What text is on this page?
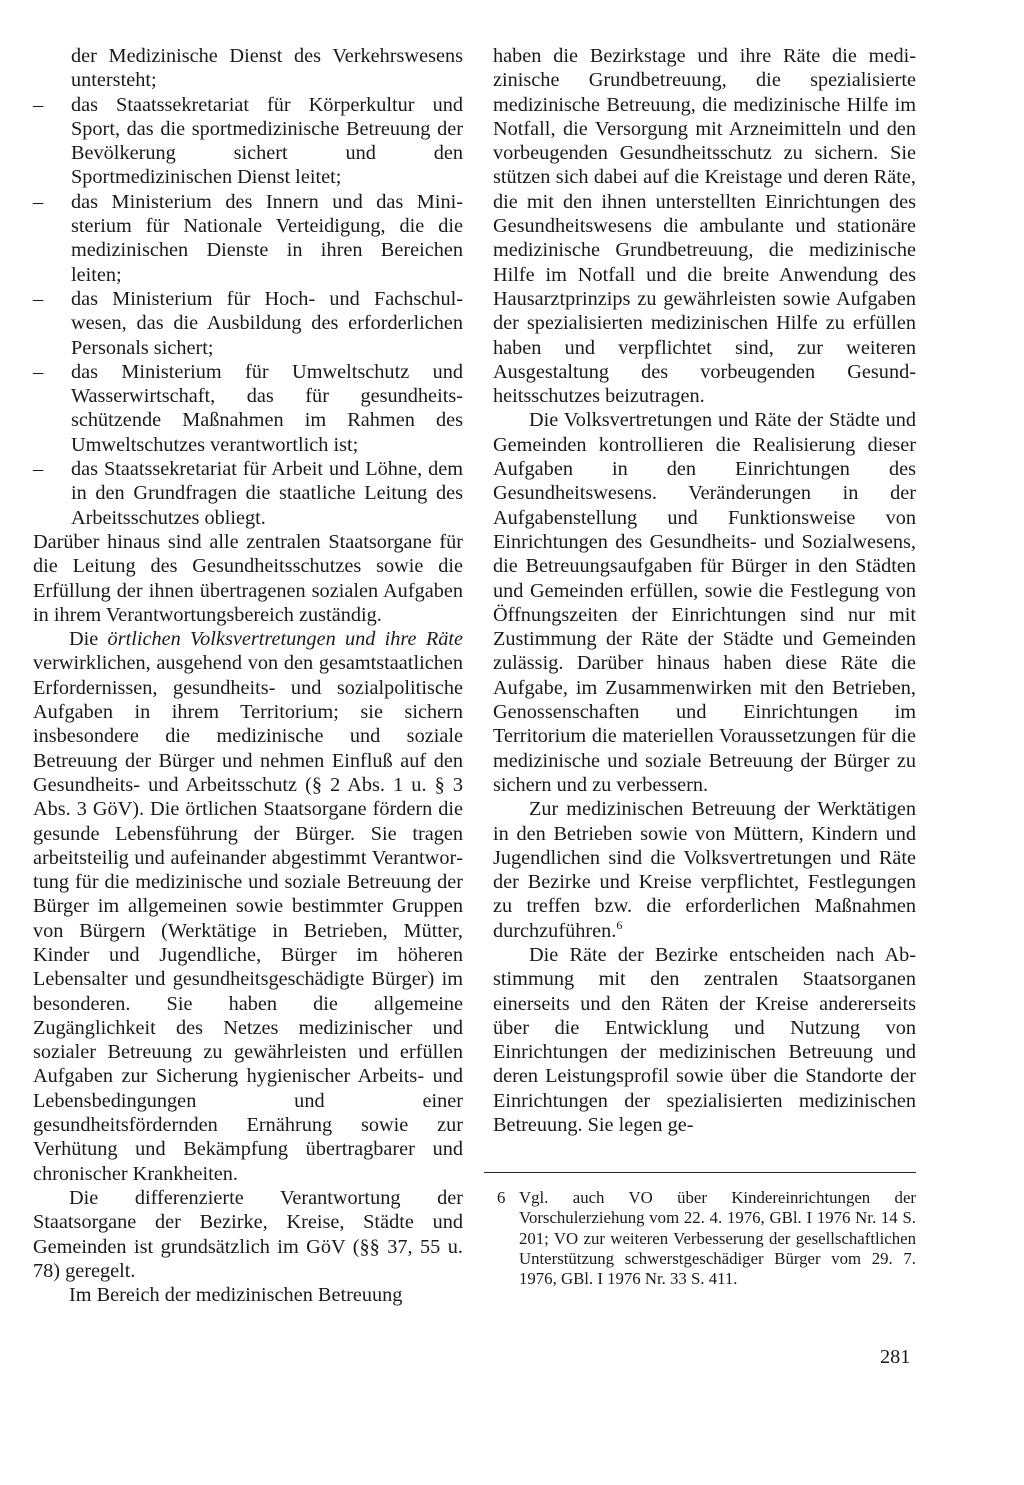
der Medizinische Dienst des Verkehrswesens untersteht;
– das Staatssekretariat für Körperkultur und Sport, das die sportmedizinische Betreuung der Bevölkerung sichert und den Sportmedizinischen Dienst leitet;
– das Ministerium des Innern und das Ministerium für Nationale Verteidigung, die die medizinischen Dienste in ihren Bereichen leiten;
– das Ministerium für Hoch- und Fachschulwesen, das die Ausbildung des erforderlichen Personals sichert;
– das Ministerium für Umweltschutz und Wasserwirtschaft, das für gesundheitsschützende Maßnahmen im Rahmen des Umweltschutzes verantwortlich ist;
– das Staatssekretariat für Arbeit und Löhne, dem in den Grundfragen die staatliche Leitung des Arbeitsschutzes obliegt.

Darüber hinaus sind alle zentralen Staatsorgane für die Leitung des Gesundheitsschutzes sowie die Erfüllung der ihnen übertragenen sozialen Aufgaben in ihrem Verantwortungsbereich zuständig.

Die örtlichen Volksvertretungen und ihre Räte verwirklichen, ausgehend von den gesamtstaatlichen Erfordernissen, gesundheits- und sozialpolitische Aufgaben in ihrem Territorium; sie sichern insbesondere die medizinische und soziale Betreuung der Bürger und nehmen Einfluß auf den Gesundheits- und Arbeitsschutz (§ 2 Abs. 1 u. § 3 Abs. 3 GöV). Die örtlichen Staatsorgane fördern die gesunde Lebensführung der Bürger. Sie tragen arbeitsteilig und aufeinander abgestimmt Verantwortung für die medizinische und soziale Betreuung der Bürger im allgemeinen sowie bestimmter Gruppen von Bürgern (Werktätige in Betrieben, Mütter, Kinder und Jugendliche, Bürger im höheren Lebensalter und gesundheitsgeschädigte Bürger) im besonderen. Sie haben die allgemeine Zugänglichkeit des Netzes medizinischer und sozialer Betreuung zu gewährleisten und erfüllen Aufgaben zur Sicherung hygienischer Arbeits- und Lebensbedingungen und einer gesundheitsfördernden Ernährung sowie zur Verhütung und Bekämpfung übertragbarer und chronischer Krankheiten.

Die differenzierte Verantwortung der Staatsorgane der Bezirke, Kreise, Städte und Gemeinden ist grundsätzlich im GöV (§§ 37, 55 u. 78) geregelt.

Im Bereich der medizinischen Betreuung

haben die Bezirkstage und ihre Räte die medizinische Grundbetreuung, die spezialisierte medizinische Betreuung, die medizinische Hilfe im Notfall, die Versorgung mit Arzneimitteln und den vorbeugenden Gesundheitsschutz zu sichern. Sie stützen sich dabei auf die Kreistage und deren Räte, die mit den ihnen unterstellten Einrichtungen des Gesundheitswesens die ambulante und stationäre medizinische Grundbetreuung, die medizinische Hilfe im Notfall und die breite Anwendung des Hausarztprinzips zu gewährleisten sowie Aufgaben der spezialisierten medizinischen Hilfe zu erfüllen haben und verpflichtet sind, zur weiteren Ausgestaltung des vorbeugenden Gesundheitsschutzes beizutragen.

Die Volksvertretungen und Räte der Städte und Gemeinden kontrollieren die Realisierung dieser Aufgaben in den Einrichtungen des Gesundheitswesens. Veränderungen in der Aufgabenstellung und Funktionsweise von Einrichtungen des Gesundheits- und Sozialwesens, die Betreuungsaufgaben für Bürger in den Städten und Gemeinden erfüllen, sowie die Festlegung von Öffnungszeiten der Einrichtungen sind nur mit Zustimmung der Räte der Städte und Gemeinden zulässig. Darüber hinaus haben diese Räte die Aufgabe, im Zusammenwirken mit den Betrieben, Genossenschaften und Einrichtungen im Territorium die materiellen Voraussetzungen für die medizinische und soziale Betreuung der Bürger zu sichern und zu verbessern.

Zur medizinischen Betreuung der Werktätigen in den Betrieben sowie von Müttern, Kindern und Jugendlichen sind die Volksvertretungen und Räte der Bezirke und Kreise verpflichtet, Festlegungen zu treffen bzw. die erforderlichen Maßnahmen durchzuführen.$^6$

Die Räte der Bezirke entscheiden nach Abstimmung mit den zentralen Staatsorganen einerseits und den Räten der Kreise andererseits über die Entwicklung und Nutzung von Einrichtungen der medizinischen Betreuung und deren Leistungsprofil sowie über die Standorte der Einrichtungen der spezialisierten medizinischen Betreuung. Sie legen ge-

6 Vgl. auch VO über Kindereinrichtungen der Vorschulerziehung vom 22. 4. 1976, GBl. I 1976 Nr. 14 S. 201; VO zur weiteren Verbesserung der gesellschaftlichen Unterstützung schwerstgeschädiger Bürger vom 29. 7. 1976, GBl. I 1976 Nr. 33 S. 411.
281
